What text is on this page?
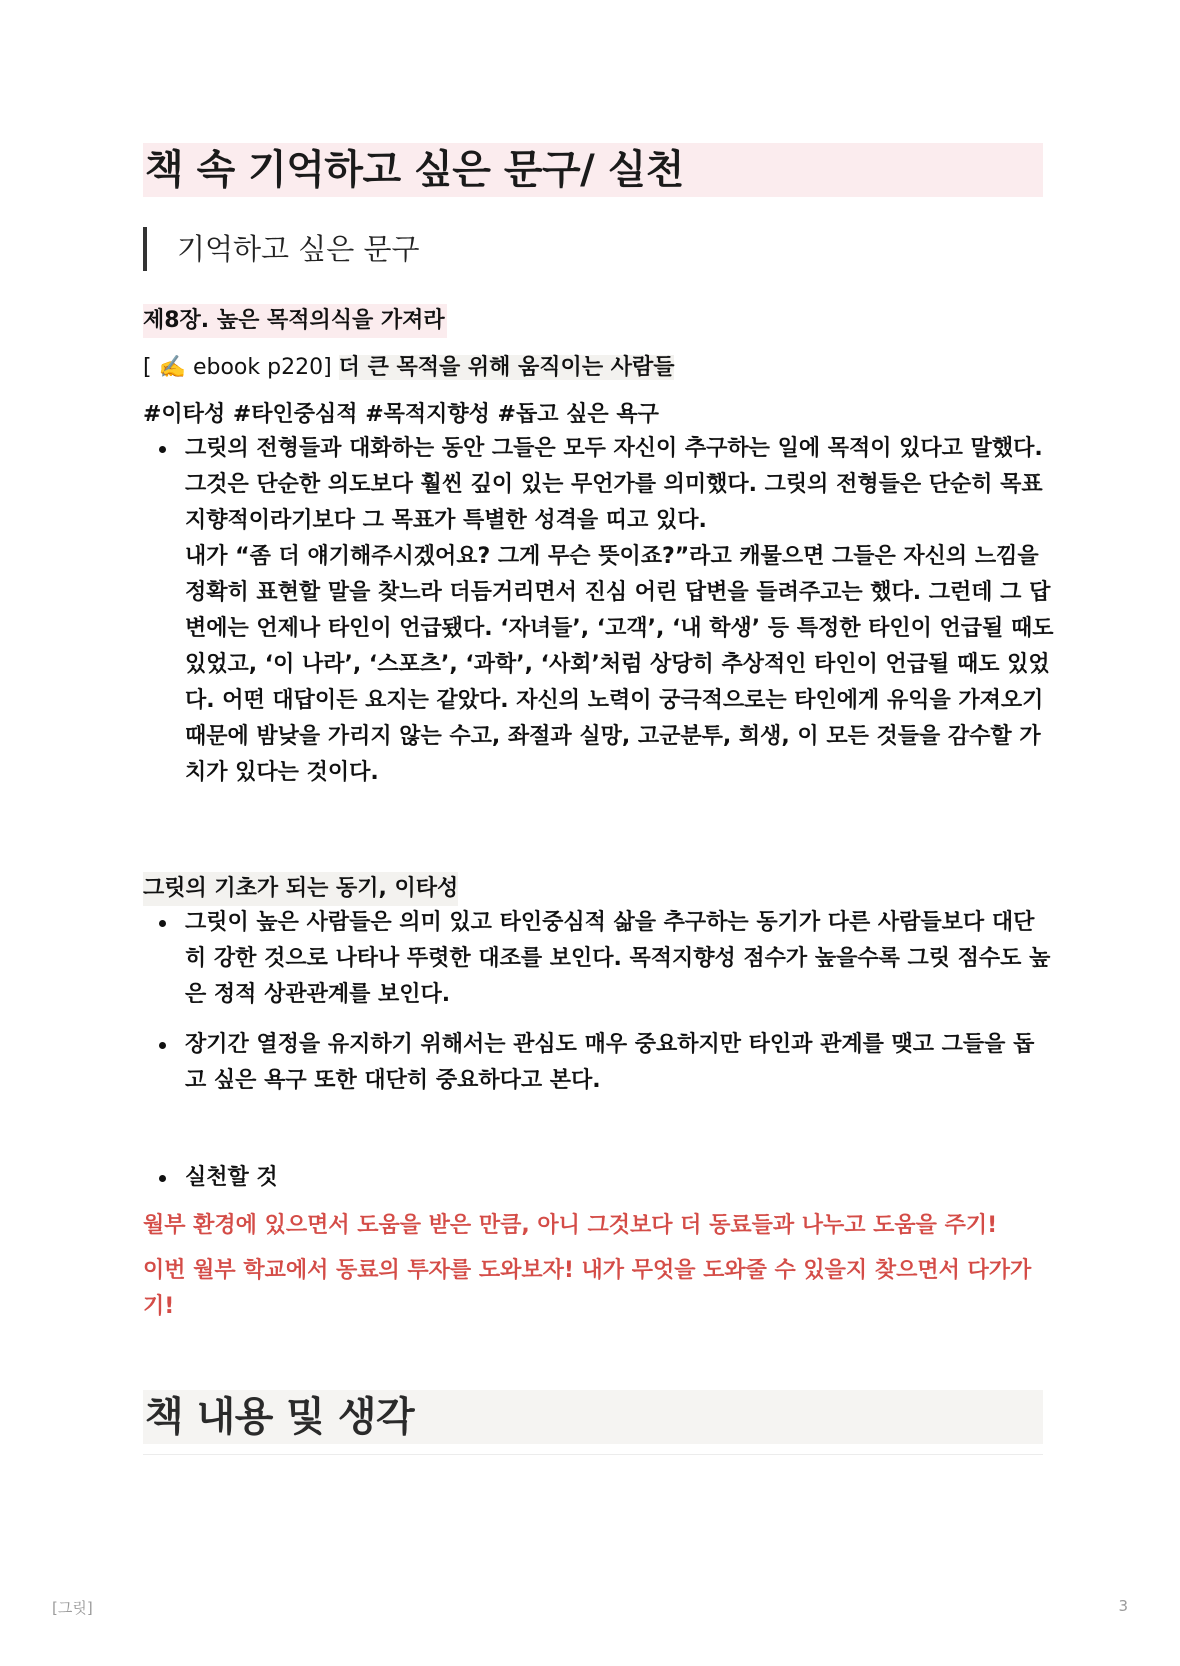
책 속 기억하고 싶은 문구/ 실천
기억하고 싶은 문구
제8장. 높은 목적의식을 가져라
[ ✍️ ebook p220] 더 큰 목적을 위해 움직이는 사람들
#이타성 #타인중심적 #목적지향성 #돕고 싶은 욕구

그릿의 전형들과 대화하는 동안 그들은 모두 자신이 추구하는 일에 목적이 있다고 말했다. 그것은 단순한 의도보다 훨씬 깊이 있는 무언가를 의미했다. 그릿의 전형들은 단순히 목표지향적이라기보다 그 목표가 특별한 성격을 띠고 있다.

내가 “좀 더 얘기해주시겠어요? 그게 무슨 뜻이죠?”라고 캐물으면 그들은 자신의 느낌을 정확히 표현할 말을 찾느라 더듬거리면서 진심 어린 답변을 들려주고는 했다. 그런데 그 답변에는 언제나 타인이 언급됐다. ‘자녀들’, ‘고객’, ‘내 학생’ 등 특정한 타인이 언급될 때도 있었고, ‘이 나라’, ‘스포츠’, ‘과학’, ‘사회’처럼 상당히 추상적인 타인이 언급될 때도 있었다. 어떤 대답이든 요지는 같았다. 자신의 노력이 궁극적으로는 타인에게 유익을 가져오기 때문에 밤낮을 가리지 않는 수고, 좌절과 실망, 고군분투, 희생, 이 모든 것들을 감수할 가치가 있다는 것이다.

그릿의 기초가 되는 동기, 이타성

그릿이 높은 사람들은 의미 있고 타인중심적 삶을 추구하는 동기가 다른 사람들보다 대단히 강한 것으로 나타나 뚜렷한 대조를 보인다. 목적지향성 점수가 높을수록 그릿 점수도 높은 정적 상관관계를 보인다.

장기간 열정을 유지하기 위해서는 관심도 매우 중요하지만 타인과 관계를 맺고 그들을 돕고 싶은 욕구 또한 대단히 중요하다고 본다.

실천할 것

월부 환경에 있으면서 도움을 받은 만큼, 아니 그것보다 더 동료들과 나누고 도움을 주기!
이번 월부 학교에서 동료의 투자를 도와보자! 내가 무엇을 도와줄 수 있을지 찾으면서 다가가기!
책 내용 및 생각
[그릿]	3
